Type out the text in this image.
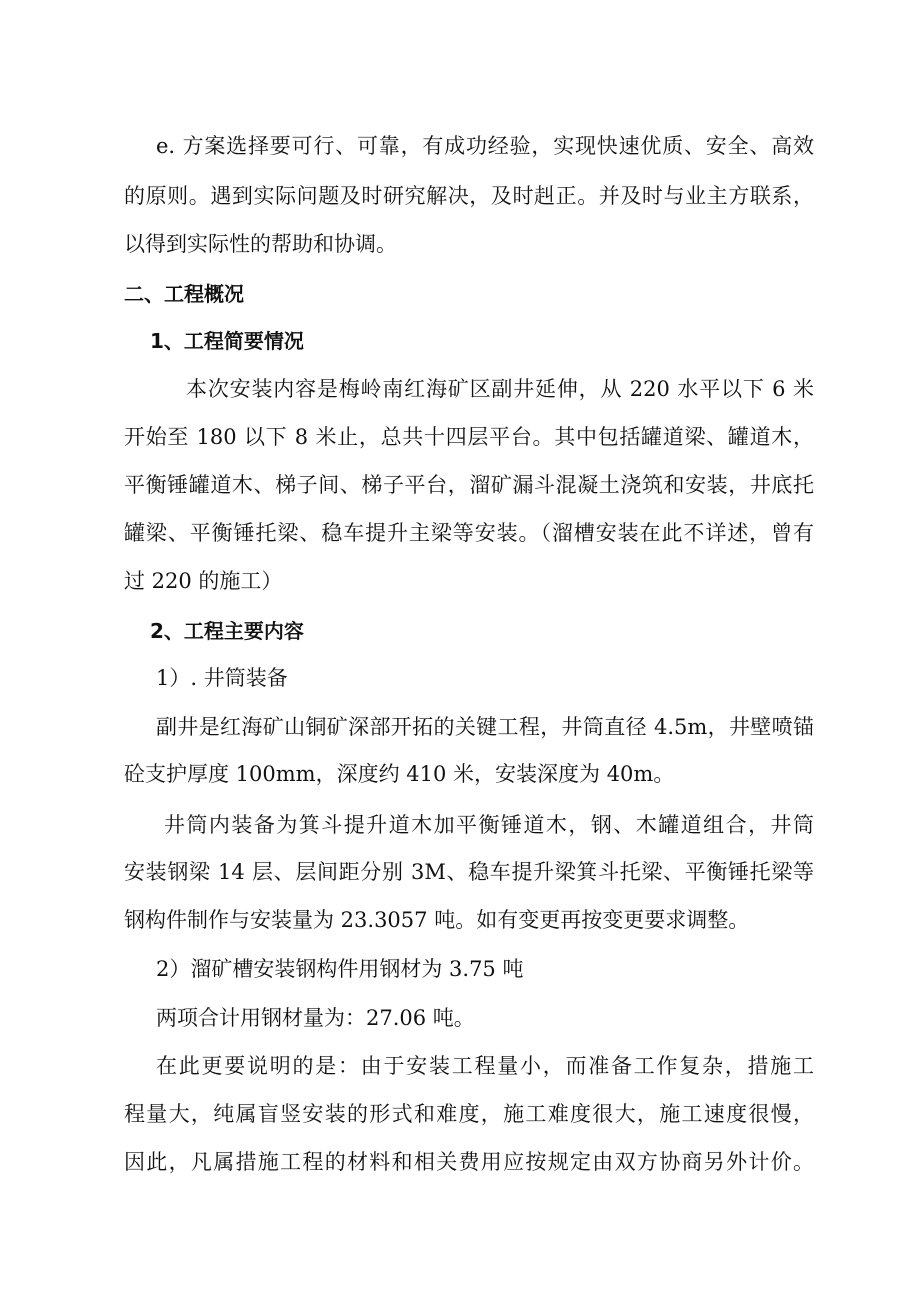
e. 方案选择要可行、可靠，有成功经验，实现快速优质、安全、高效
的原则。遇到实际问题及时研究解决，及时赳正。并及时与业主方联系，
以得到实际性的帮助和协调。
二、工程概况
1、工程简要情况
本次安装内容是梅岭南红海矿区副井延伸，从 220 水平以下 6 米
开始至 180 以下 8 米止，总共十四层平台。其中包括罐道梁、罐道木，
平衡锤罐道木、梯子间、梯子平台，溜矿漏斗混凝土浇筑和安装，井底托
罐梁、平衡锤托梁、稳车提升主梁等安装。（溜槽安装在此不详述，曾有
过 220 的施工）
2、工程主要内容
1）. 井筒装备
副井是红海矿山铜矿深部开拓的关键工程，井筒直径 4.5m，井壁喷锚
砼支护厚度 100mm，深度约 410 米，安装深度为 40m。
井筒内装备为箕斗提升道木加平衡锤道木，钢、木罐道组合，井筒
安装钢梁 14 层、层间距分别 3M、稳车提升梁箕斗托梁、平衡锤托梁等
钢构件制作与安装量为 23.3057 吨。如有变更再按变更要求调整。
2）溜矿槽安装钢构件用钢材为 3.75 吨
两项合计用钢材量为：27.06 吨。
在此更要说明的是：由于安装工程量小，而准备工作复杂，措施工
程量大，纯属盲竖安装的形式和难度，施工难度很大，施工速度很慢，
因此，凡属措施工程的材料和相关费用应按规定由双方协商另外计价。
